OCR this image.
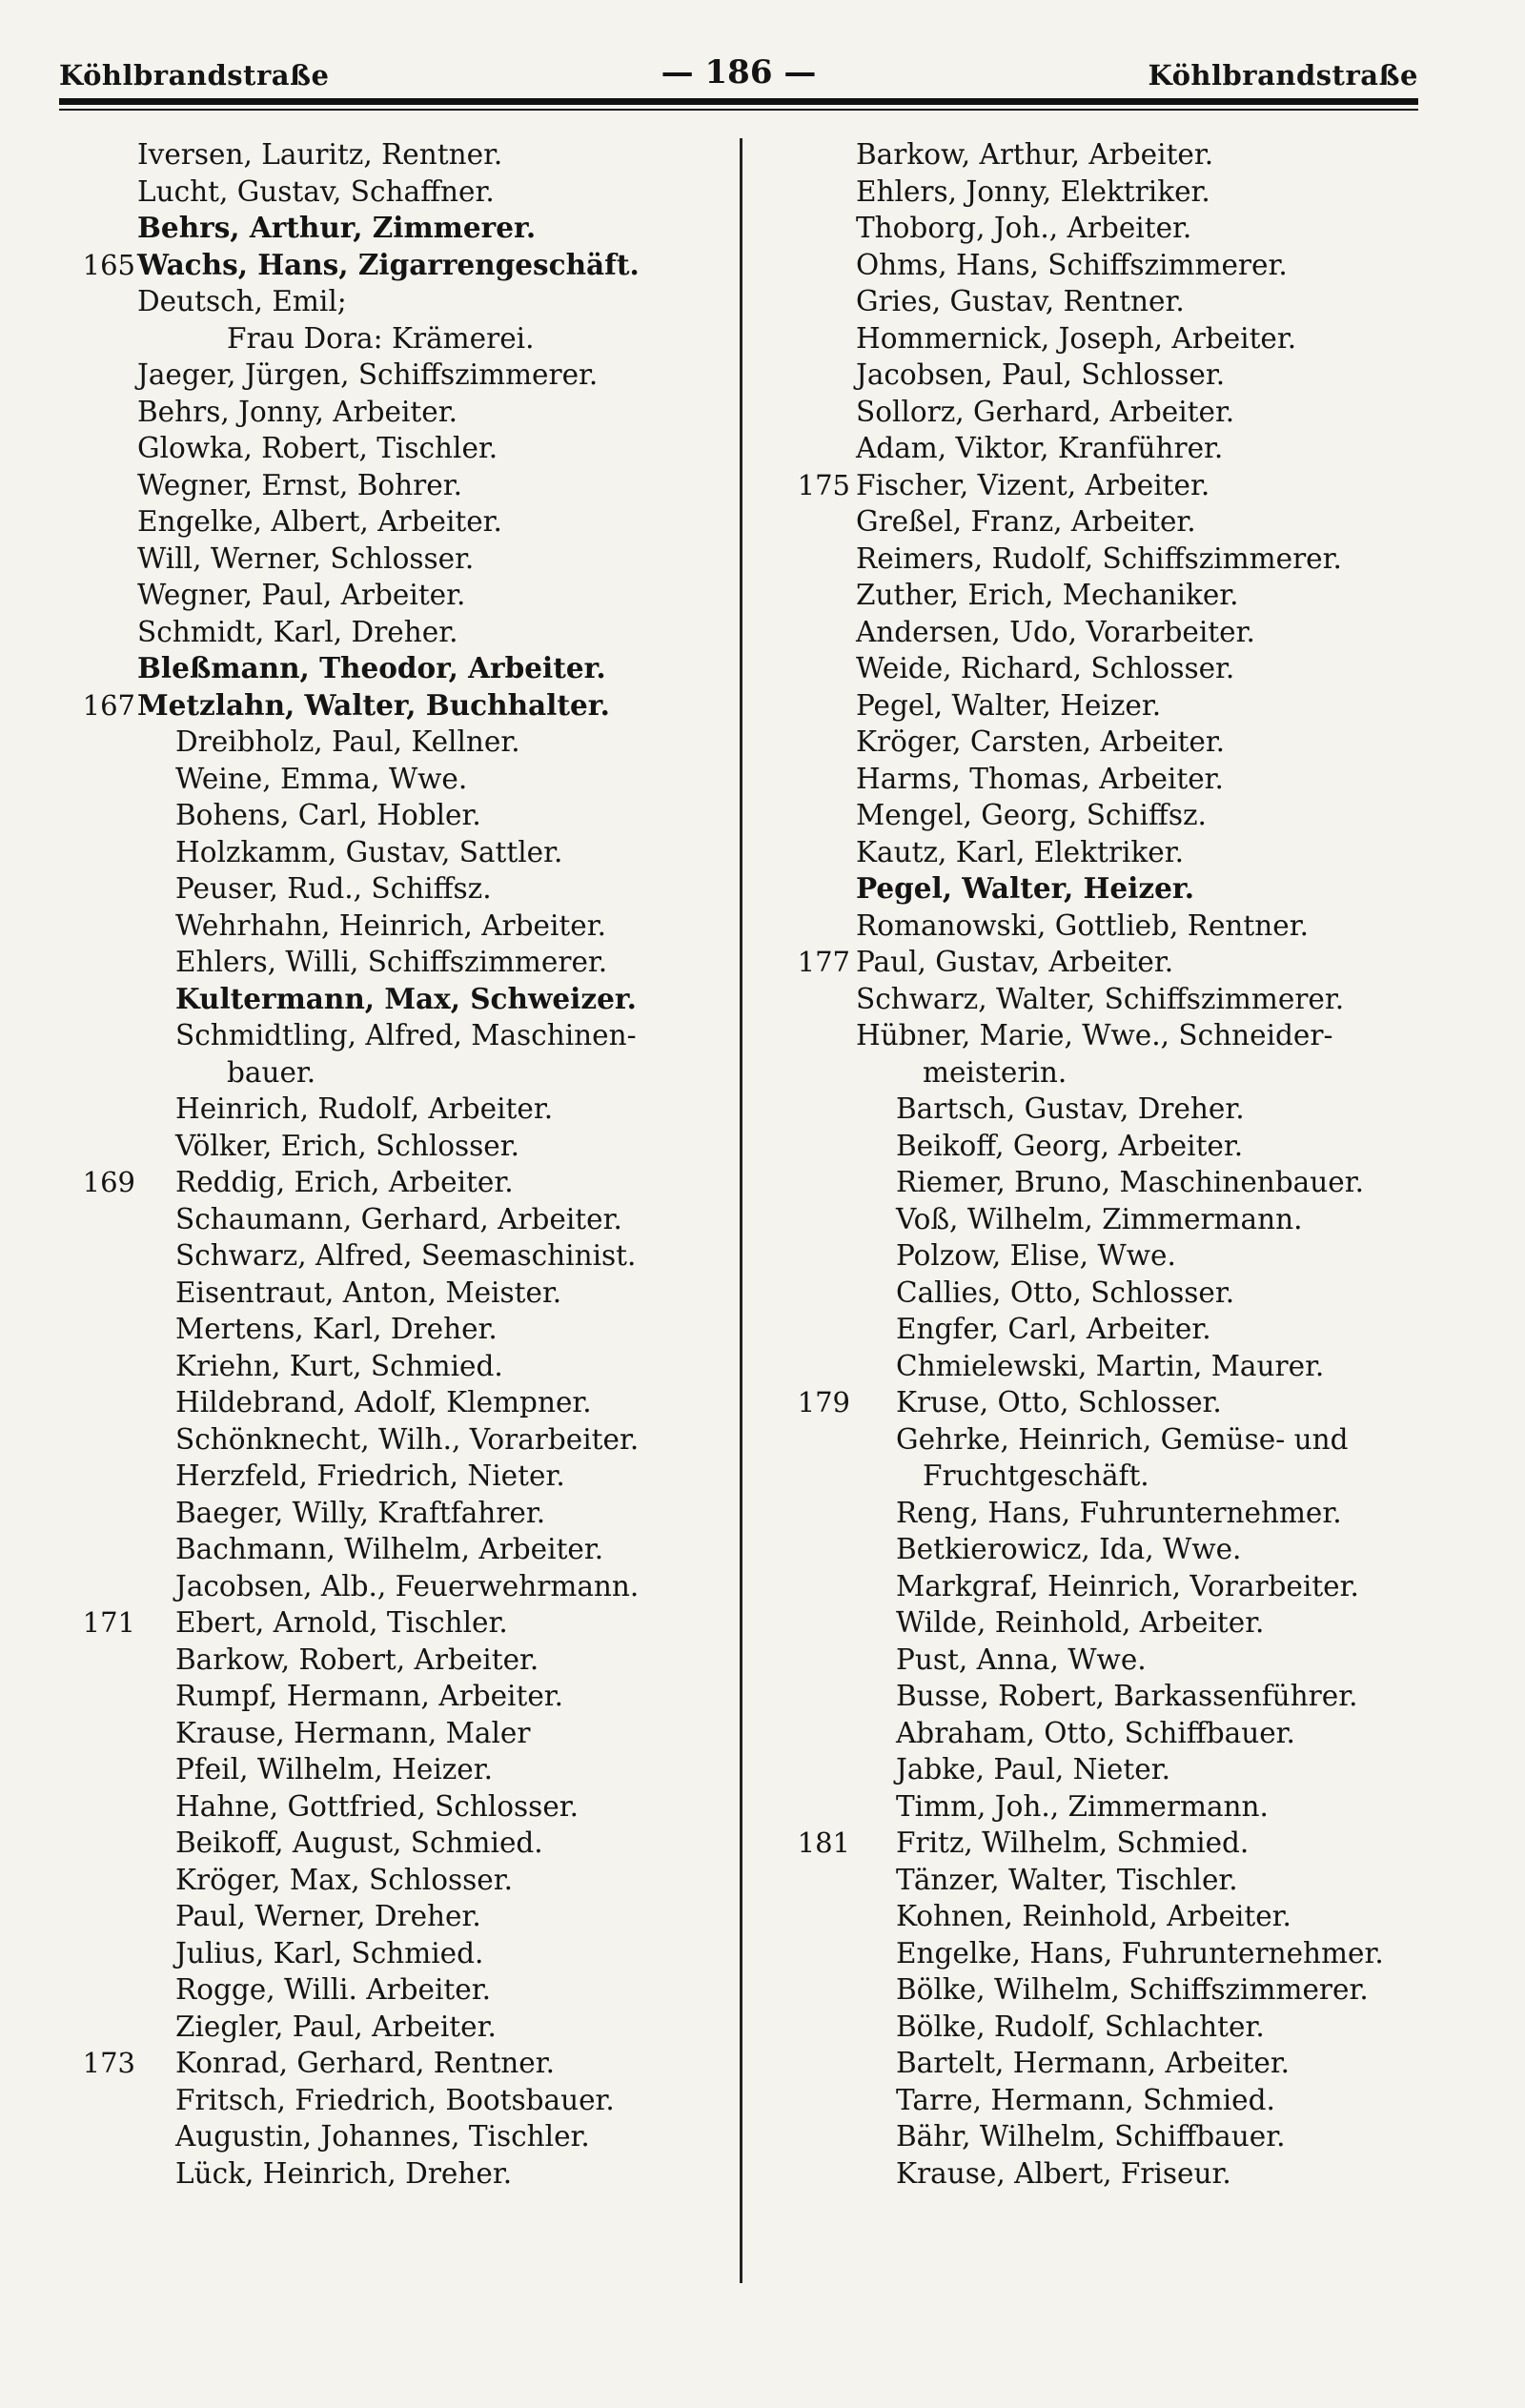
Köhlbrandstraße	— 186 —	Köhlbrandstraße
Iversen, Lauritz, Rentner.
Lucht, Gustav, Schaffner.
Behrs, Arthur, Zimmerer.
165 Wachs, Hans, Zigarrengeschäft.
Deutsch, Emil;
Frau Dora: Krämerei.
Jaeger, Jürgen, Schiffszimmerer.
Behrs, Jonny, Arbeiter.
Glowka, Robert, Tischler.
Wegner, Ernst, Bohrer.
Engelke, Albert, Arbeiter.
Will, Werner, Schlosser.
Wegner, Paul, Arbeiter.
Schmidt, Karl, Dreher.
Bleßmann, Theodor, Arbeiter.
167 Metzlahn, Walter, Buchhalter.
Dreibholz, Paul, Kellner.
Weine, Emma, Wwe.
Bohens, Carl, Hobler.
Holzkamm, Gustav, Sattler.
Peuser, Rud., Schiffsz.
Wehrhahn, Heinrich, Arbeiter.
Ehlers, Willi, Schiffszimmerer.
Kultermann, Max, Schweizer.
Schmidtling, Alfred, Maschinen-
bauer.
Heinrich, Rudolf, Arbeiter.
Völker, Erich, Schlosser.
169 Reddig, Erich, Arbeiter.
Schaumann, Gerhard, Arbeiter.
Schwarz, Alfred, Seemaschinist.
Eisentraut, Anton, Meister.
Mertens, Karl, Dreher.
Kriehn, Kurt, Schmied.
Hildebrand, Adolf, Klempner.
Schönknecht, Wilh., Vorarbeiter.
Herzfeld, Friedrich, Nieter.
Baeger, Willy, Kraftfahrer.
Bachmann, Wilhelm, Arbeiter.
Jacobsen, Alb., Feuerwehrmann.
171 Ebert, Arnold, Tischler.
Barkow, Robert, Arbeiter.
Rumpf, Hermann, Arbeiter.
Krause, Hermann, Maler
Pfeil, Wilhelm, Heizer.
Hahne, Gottfried, Schlosser.
Beikoff, August, Schmied.
Kröger, Max, Schlosser.
Paul, Werner, Dreher.
Julius, Karl, Schmied.
Rogge, Willi. Arbeiter.
Ziegler, Paul, Arbeiter.
173 Konrad, Gerhard, Rentner.
Fritsch, Friedrich, Bootsbauer.
Augustin, Johannes, Tischler.
Lück, Heinrich, Dreher.
Barkow, Arthur, Arbeiter.
Ehlers, Jonny, Elektriker.
Thoborg, Joh., Arbeiter.
Ohms, Hans, Schiffszimmerer.
Gries, Gustav, Rentner.
Hommernick, Joseph, Arbeiter.
Jacobsen, Paul, Schlosser.
Sollorz, Gerhard, Arbeiter.
Adam, Viktor, Kranführer.
175 Fischer, Vizent, Arbeiter.
Greßel, Franz, Arbeiter.
Reimers, Rudolf, Schiffszimmerer.
Zuther, Erich, Mechaniker.
Andersen, Udo, Vorarbeiter.
Weide, Richard, Schlosser.
Pegel, Walter, Heizer.
Kröger, Carsten, Arbeiter.
Harms, Thomas, Arbeiter.
Mengel, Georg, Schiffsz.
Kautz, Karl, Elektriker.
Pegel, Walter, Heizer.
Romanowski, Gottlieb, Rentner.
177 Paul, Gustav, Arbeiter.
Schwarz, Walter, Schiffszimmerer.
Hübner, Marie, Wwe., Schneider-
meisterin.
Bartsch, Gustav, Dreher.
Beikoff, Georg, Arbeiter.
Riemer, Bruno, Maschinenbauer.
Voß, Wilhelm, Zimmermann.
Polzow, Elise, Wwe.
Callies, Otto, Schlosser.
Engfer, Carl, Arbeiter.
Chmielewski, Martin, Maurer.
179 Kruse, Otto, Schlosser.
Gehrke, Heinrich, Gemüse- und
Fruchtgeschäft.
Reng, Hans, Fuhrunternehmer.
Betkierowicz, Ida, Wwe.
Markgraf, Heinrich, Vorarbeiter.
Wilde, Reinhold, Arbeiter.
Pust, Anna, Wwe.
Busse, Robert, Barkassenführer.
Abraham, Otto, Schiffbauer.
Jabke, Paul, Nieter.
Timm, Joh., Zimmermann.
181 Fritz, Wilhelm, Schmied.
Tänzer, Walter, Tischler.
Kohnen, Reinhold, Arbeiter.
Engelke, Hans, Fuhrunternehmer.
Bölke, Wilhelm, Schiffszimmerer.
Bölke, Rudolf, Schlachter.
Bartelt, Hermann, Arbeiter.
Tarre, Hermann, Schmied.
Bähr, Wilhelm, Schiffbauer.
Krause, Albert, Friseur.
